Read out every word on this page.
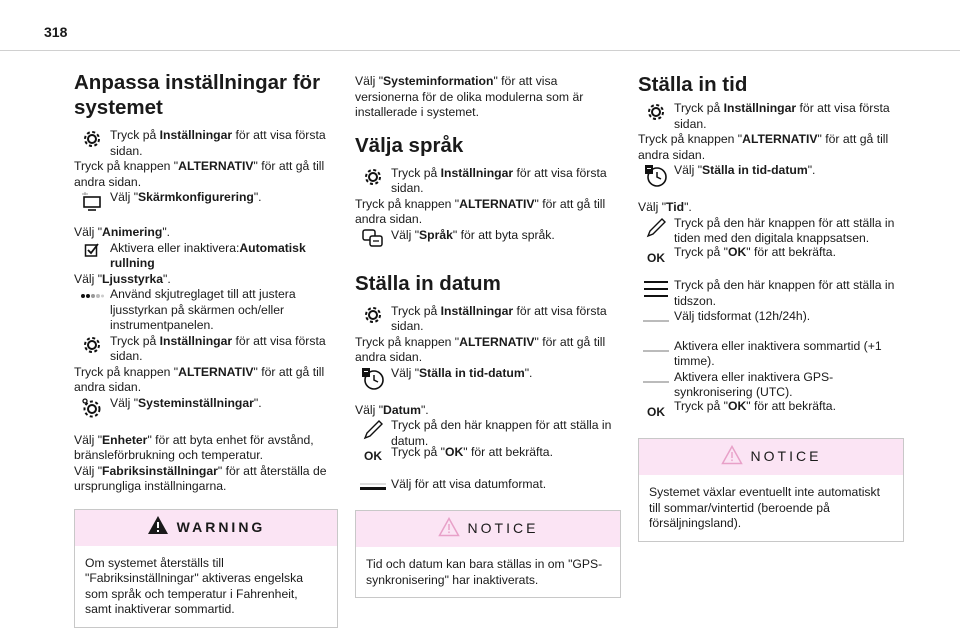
318
Anpassa inställningar för systemet

Tryck på Inställningar för att visa första sidan.

Tryck på knappen "ALTERNATIV" för att gå till andra sidan.

Välj "Skärmkonfigurering".

Välj "Animering".

Aktivera eller inaktivera:Automatisk rullning

Välj "Ljusstyrka".

Använd skjutreglaget till att justera ljusstyrkan på skärmen och/eller instrumentpanelen.

Tryck på Inställningar för att visa första sidan.

Tryck på knappen "ALTERNATIV" för att gå till andra sidan.

Välj "Systeminställningar".

Välj "Enheter" för att byta enhet för avstånd, bränsleförbrukning och temperatur.

Välj "Fabriksinställningar" för att återställa de ursprungliga inställningarna.

WARNING
Om systemet återställs till "Fabriksinställningar" aktiveras engelska som språk och temperatur i Fahrenheit, samt inaktiverar sommartid.

Välj "Systeminformation" för att visa versionerna för de olika modulerna som är installerade i systemet.

Välja språk

Tryck på Inställningar för att visa första sidan.

Tryck på knappen "ALTERNATIV" för att gå till andra sidan.

Välj "Språk" för att byta språk.

Ställa in datum

Tryck på Inställningar för att visa första sidan.

Tryck på knappen "ALTERNATIV" för att gå till andra sidan.

Välj "Ställa in tid-datum".

Välj "Datum".

Tryck på den här knappen för att ställa in datum.

OK Tryck på "OK" för att bekräfta.

Välj för att visa datumformat.

NOTICE
Tid och datum kan bara ställas in om "GPS-synkronisering" har inaktiverats.
Ställa in tid

Tryck på Inställningar för att visa första sidan.

Tryck på knappen "ALTERNATIV" för att gå till andra sidan.

Välj "Ställa in tid-datum".

Välj "Tid".

Tryck på den här knappen för att ställa in tiden med den digitala knappsatsen.

OK Tryck på "OK" för att bekräfta.

Tryck på den här knappen för att ställa in tidszon.

Välj tidsformat (12h/24h).

Aktivera eller inaktivera sommartid (+1 timme).

Aktivera eller inaktivera GPS-synkronisering (UTC).

OK Tryck på "OK" för att bekräfta.

NOTICE
Systemet växlar eventuellt inte automatiskt till sommar/vintertid (beroende på försäljningsland).
